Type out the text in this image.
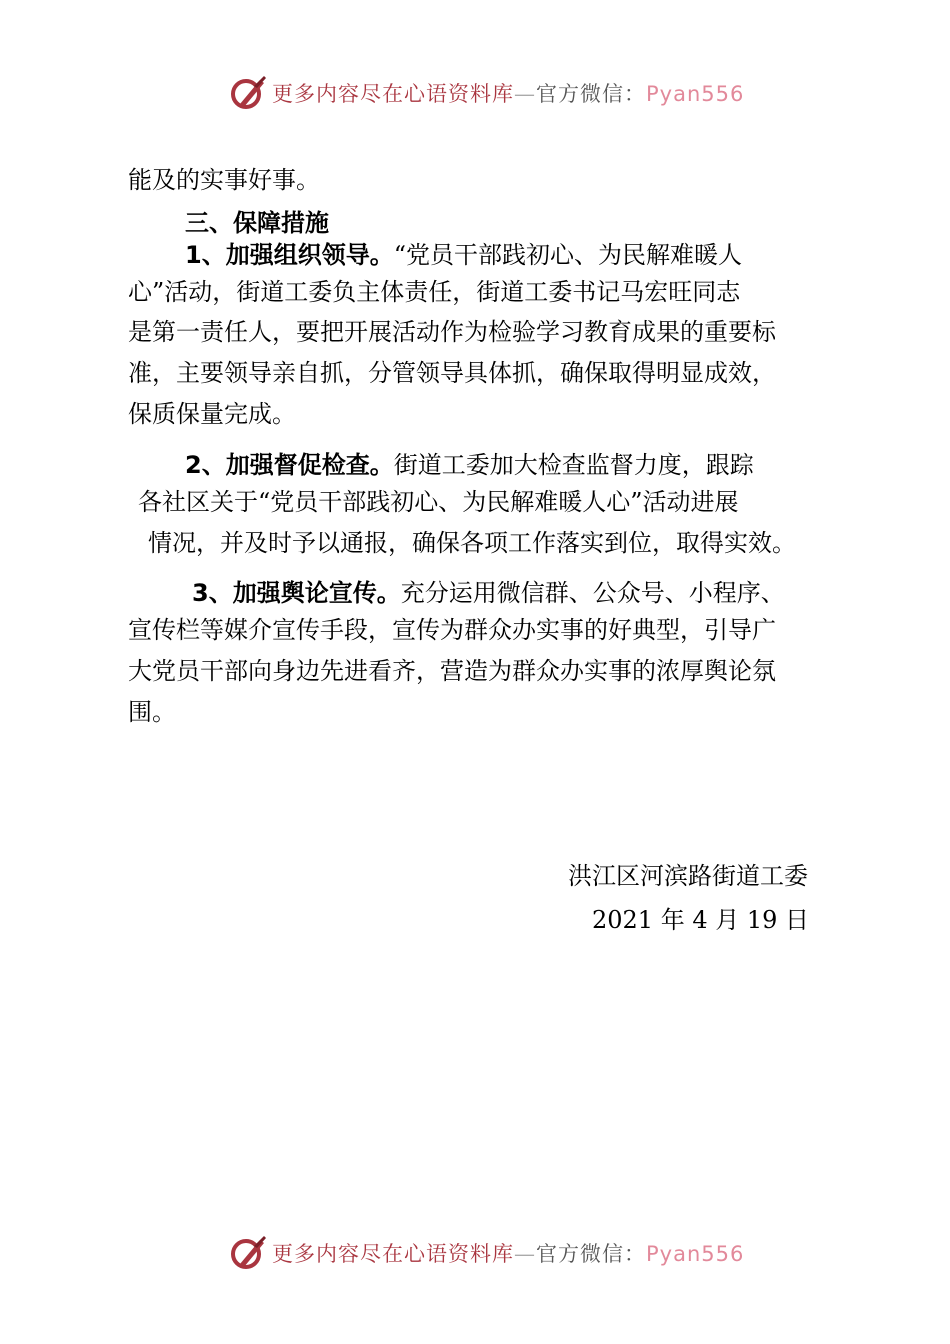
更多内容尽在心语资料库—官方微信：Pyan556
能及的实事好事。
三、保障措施
1、加强组织领导。“党员干部践初心、为民解难暖人
心”活动，街道工委负主体责任，街道工委书记马宏旺同志
是第一责任人，要把开展活动作为检验学习教育成果的重要标
准，主要领导亲自抓，分管领导具体抓，确保取得明显成效，
保质保量完成。
2、加强督促检查。街道工委加大检查监督力度，跟踪
各社区关于“党员干部践初心、为民解难暖人心”活动进展
情况，并及时予以通报，确保各项工作落实到位，取得实效。
3、加强舆论宣传。充分运用微信群、公众号、小程序、
宣传栏等媒介宣传手段，宣传为群众办实事的好典型，引导广
大党员干部向身边先进看齐，营造为群众办实事的浓厚舆论氛
围。
洪江区河滨路街道工委
2021 年 4 月 19 日
更多内容尽在心语资料库—官方微信：Pyan556
